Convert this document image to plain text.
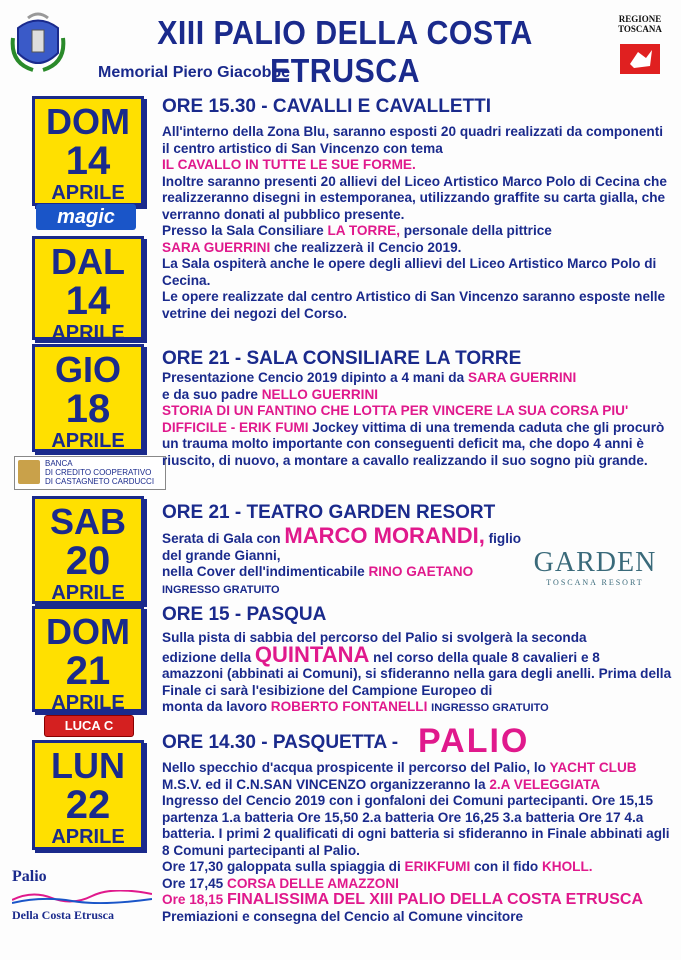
XIII PALIO DELLA COSTA ETRUSCA
Memorial Piero Giacobbe
REGIONE
TOSCANA
DOM
14
APRILE
magic
DAL
14
APRILE
GIO
18
APRILE
BANCA
DI CREDITO COOPERATIVO
DI CASTAGNETO CARDUCCI
SAB
20
APRILE
DOM
21
APRILE
LUCA C
LUN
22
APRILE
Palio
Della Costa Etrusca
ORE 15.30 - CAVALLI E CAVALLETTI
All'interno della Zona Blu, saranno esposti 20 quadri realizzati da componenti il centro artistico di San Vincenzo con tema
IL CAVALLO IN TUTTE LE SUE FORME.
Inoltre saranno presenti 20 allievi del Liceo Artistico Marco Polo di Cecina che realizzeranno disegni in estemporanea, utilizzando graffite su carta gialla, che verranno donati al pubblico presente.
Presso la Sala Consiliare LA TORRE, personale della pittrice
SARA GUERRINI che realizzerà il Cencio 2019.
La Sala ospiterà anche le opere degli allievi del Liceo Artistico Marco Polo di Cecina.
Le opere realizzate dal centro Artistico di San Vincenzo saranno esposte nelle vetrine dei negozi del Corso.
ORE 21 - SALA CONSILIARE LA TORRE
Presentazione Cencio 2019 dipinto a 4 mani da SARA GUERRINI
e da suo padre NELLO GUERRINI
STORIA DI UN FANTINO CHE LOTTA PER VINCERE LA SUA CORSA PIU' DIFFICILE - ERIK FUMI Jockey vittima di una tremenda caduta che gli procurò un trauma molto importante con conseguenti deficit ma, che dopo 4 anni è riuscito, di nuovo, a montare a cavallo realizzando il suo sogno più grande.
ORE 21 - TEATRO GARDEN RESORT
Serata di Gala con MARCO MORANDI, figlio del grande Gianni,
nella Cover dell'indimenticabile RINO GAETANO
INGRESSO GRATUITO
GARDEN
TOSCANA RESORT
ORE 15 - PASQUA
Sulla pista di sabbia del percorso del Palio si svolgerà la seconda
edizione della QUINTANA nel corso della quale 8 cavalieri e 8
amazzoni (abbinati ai Comuni), si sfideranno nella gara degli anelli. Prima della Finale ci sarà l'esibizione del Campione Europeo di
monta da lavoro ROBERTO FONTANELLI INGRESSO GRATUITO
ORE 14.30 - PASQUETTA - PALIO
Nello specchio d'acqua prospicente il percorso del Palio, lo YACHT CLUB
M.S.V. ed il C.N.SAN VINCENZO organizzeranno la 2.A VELEGGIATA
Ingresso del Cencio 2019 con i gonfaloni dei Comuni partecipanti. Ore 15,15 partenza 1.a batteria Ore 15,50 2.a batteria Ore 16,25 3.a batteria Ore 17 4.a batteria. I primi 2 qualificati di ogni batteria si sfideranno in Finale abbinati agli 8 Comuni partecipanti al Palio.
Ore 17,30 galoppata sulla spiaggia di ERIKFUMI con il fido KHOLL.
Ore 17,45 CORSA DELLE AMAZZONI
Ore 18,15 FINALISSIMA DEL XIII PALIO DELLA COSTA ETRUSCA
Premiazioni e consegna del Cencio al Comune vincitore
